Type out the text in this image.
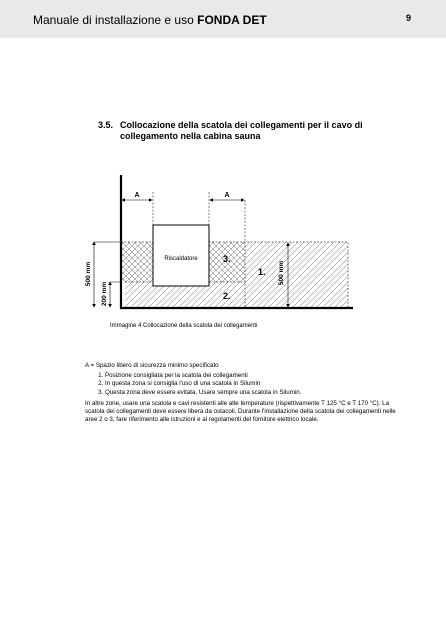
Manuale di installazione e uso FONDA DET	9
3.5. Collocazione della scatola dei collegamenti per il cavo di collegamento nella cabina sauna
Riscaldatore
A	A
500 mm
200 mm
500 mm
3.
1.
2.
Immagine 4 Collocazione della scatola dei collegamenti

A = Spazio libero di sicurezza minimo specificato

1. Posizione consigliata per la scatola dei collegamenti
2. In questa zona si consiglia l'uso di una scatola in Silumin
3. Questa zona deve essere evitata. Usare sempre una scatola in Silumin.

In altre zone, usare una scatola e cavi resistenti alle alte temperature (rispettivamente T 125 °C e T 170 °C). La scatola dei collegamenti deve essere libera da ostacoli. Durante l'installazione della scatola dei collegamenti nelle aree 2 o 3, fare riferimento alle istruzioni e ai regolamenti del fornitore elettrico locale.
